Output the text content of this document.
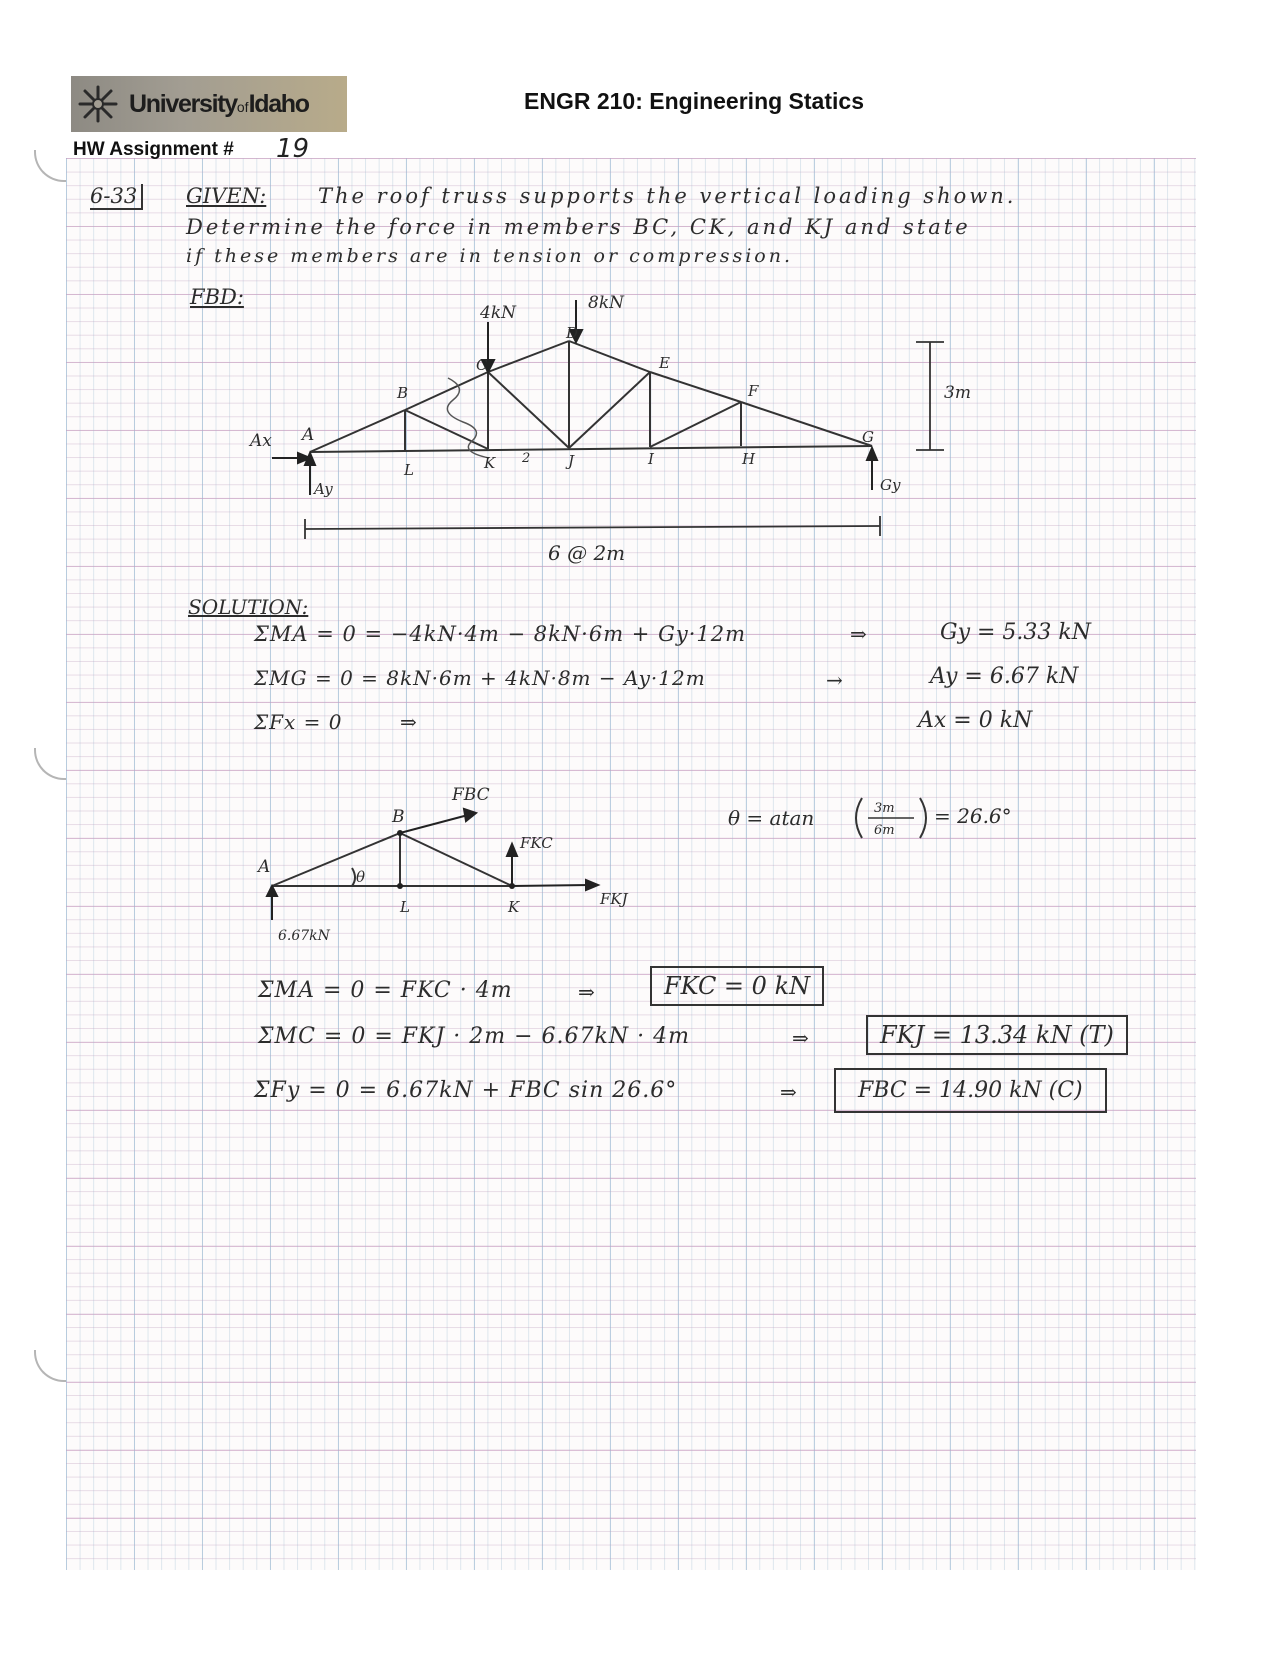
UniversityofIdaho	ENGR 210: Engineering Statics
HW Assignment # 19
6-33 GIVEN: The roof truss supports the vertical loading shown.
Determine the force in members BC, CK, and KJ and state
if these members are in tension or compression.
FBD:
2
4kN	8kN
3m
6 @ 2m
Ax
Ay	Gy
A
B
C
D
E
F
G
L	K	J	I	H
FBC
FKC
FKJ
6.67kN
θ
A
B
L	K
3m
6m
SOLUTION:
ΣMA = 0 = −4kN·4m − 8kN·6m + Gy·12m	⇒	Gy = 5.33 kN
ΣMG = 0 = 8kN·6m + 4kN·8m − Ay·12m	→	Ay = 6.67 kN
ΣFx = 0	⇒	Ax = 0 kN
θ = atan	= 26.6°
ΣMA = 0 = FKC · 4m	⇒	FKC = 0 kN
ΣMC = 0 = FKJ · 2m − 6.67kN · 4m	⇒	FKJ = 13.34 kN (T)
ΣFy = 0 = 6.67kN + FBC sin 26.6°	⇒	FBC = 14.90 kN (C)
